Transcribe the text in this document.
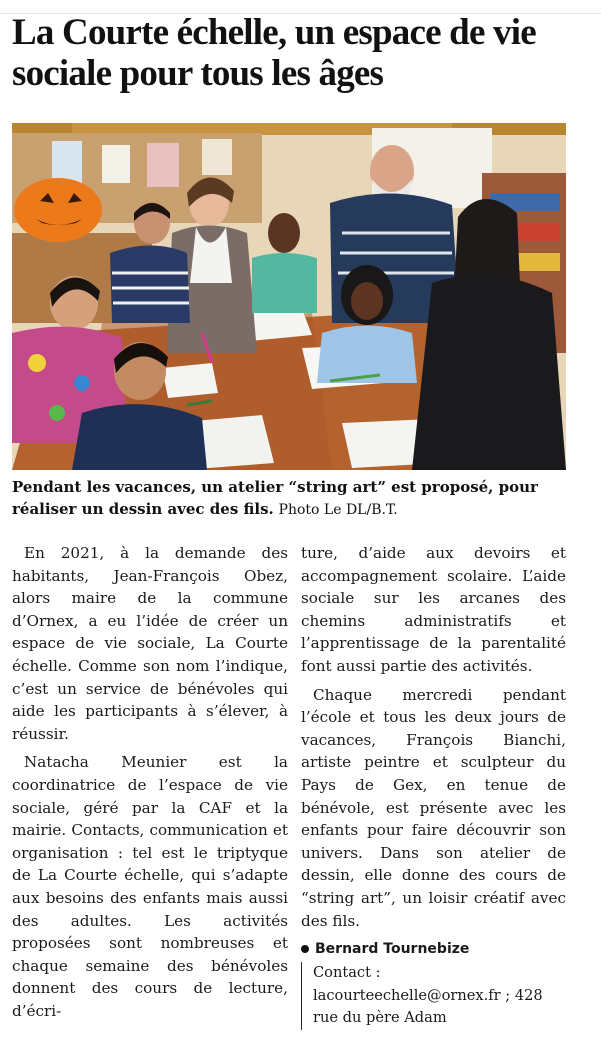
La Courte échelle, un espace de vie sociale pour tous les âges
Pendant les vacances, un atelier “string art” est proposé, pour réaliser un dessin avec des fils. Photo Le DL/B.T.

En 2021, à la demande des habitants, Jean-François Obez, alors maire de la commune d’Ornex, a eu l’idée de créer un espace de vie sociale, La Courte échelle. Comme son nom l’indique, c’est un service de bénévoles qui aide les participants à s’élever, à réussir.

Natacha Meunier est la coordinatrice de l’espace de vie sociale, géré par la CAF et la mairie. Contacts, communication et organisation : tel est le triptyque de La Courte échelle, qui s’adapte aux besoins des enfants mais aussi des adultes. Les activités proposées sont nombreuses et chaque semaine des bénévoles donnent des cours de lecture, d’écri-

ture, d’aide aux devoirs et accompagnement scolaire. L’aide sociale sur les arcanes des chemins administratifs et l’apprentissage de la parentalité font aussi partie des activités.

Chaque mercredi pendant l’école et tous les deux jours de vacances, François Bianchi, artiste peintre et sculpteur du Pays de Gex, en tenue de bénévole, est présente avec les enfants pour faire découvrir son univers. Dans son atelier de dessin, elle donne des cours de “string art”, un loisir créatif avec des fils.

Bernard Tournebize
Contact : lacourteechelle@ornex.fr ; 428 rue du père Adam
